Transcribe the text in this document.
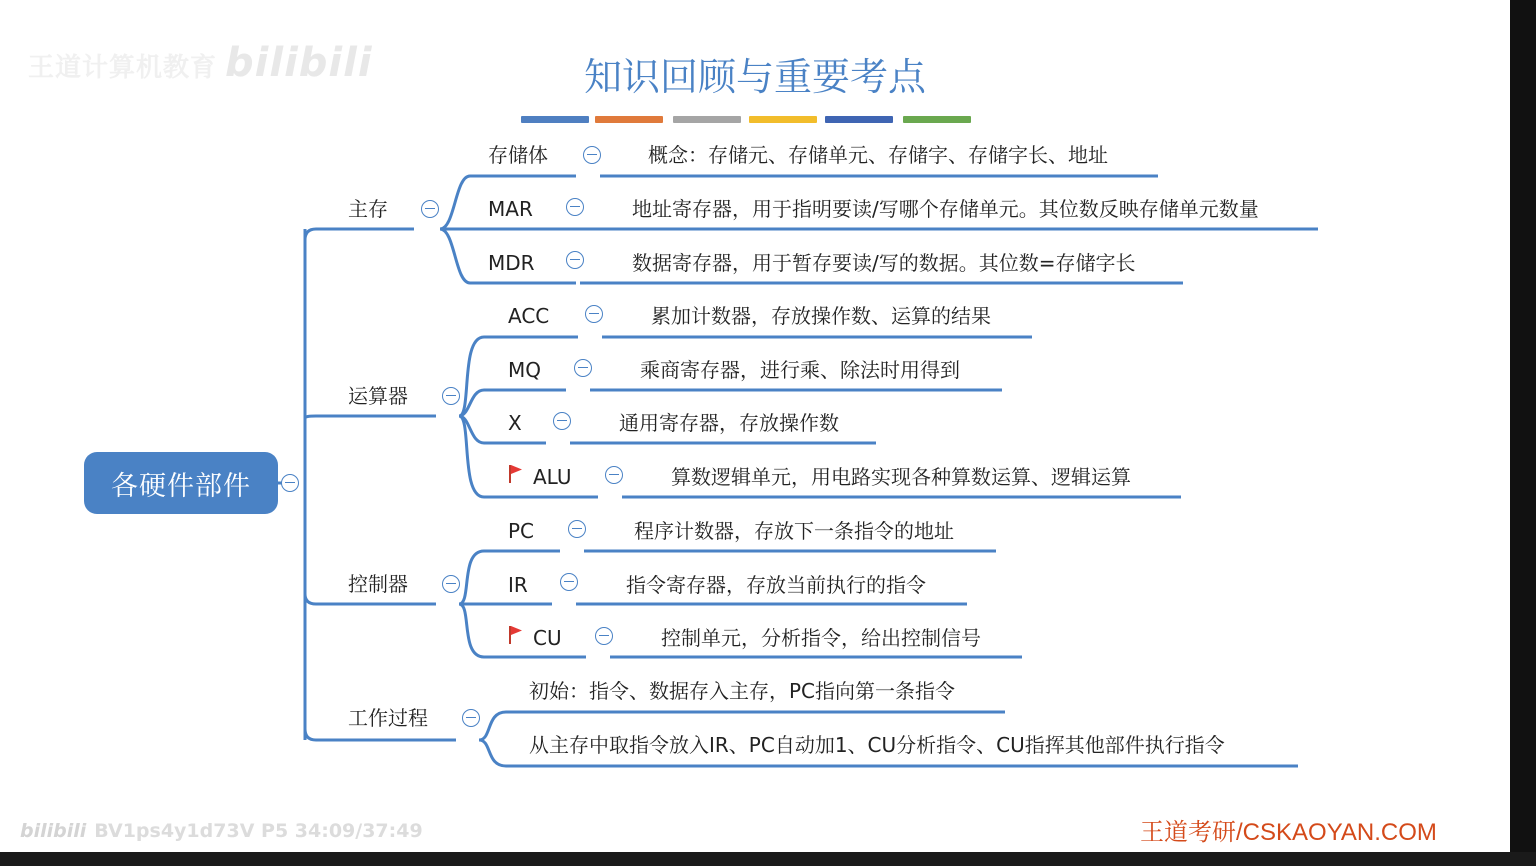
王道计算机教育 bilibili	知识回顾与重要考点
各硬件部件
主存
运算器
控制器
工作过程
存储体	概念：存储元、存储单元、存储字、存储字长、地址
MAR	地址寄存器，用于指明要读/写哪个存储单元。其位数反映存储单元数量
MDR	数据寄存器，用于暂存要读/写的数据。其位数=存储字长
ACC	累加计数器，存放操作数、运算的结果
MQ	乘商寄存器，进行乘、除法时用得到
X	通用寄存器，存放操作数
ALU	算数逻辑单元，用电路实现各种算数运算、逻辑运算
PC	程序计数器，存放下一条指令的地址
IR	指令寄存器，存放当前执行的指令
CU	控制单元，分析指令，给出控制信号
初始：指令、数据存入主存，PC指向第一条指令
从主存中取指令放入IR、PC自动加1、CU分析指令、CU指挥其他部件执行指令
王道考研/CSKAOYAN.COM
bilibili BV1ps4y1d73V P5 34:09/37:49
